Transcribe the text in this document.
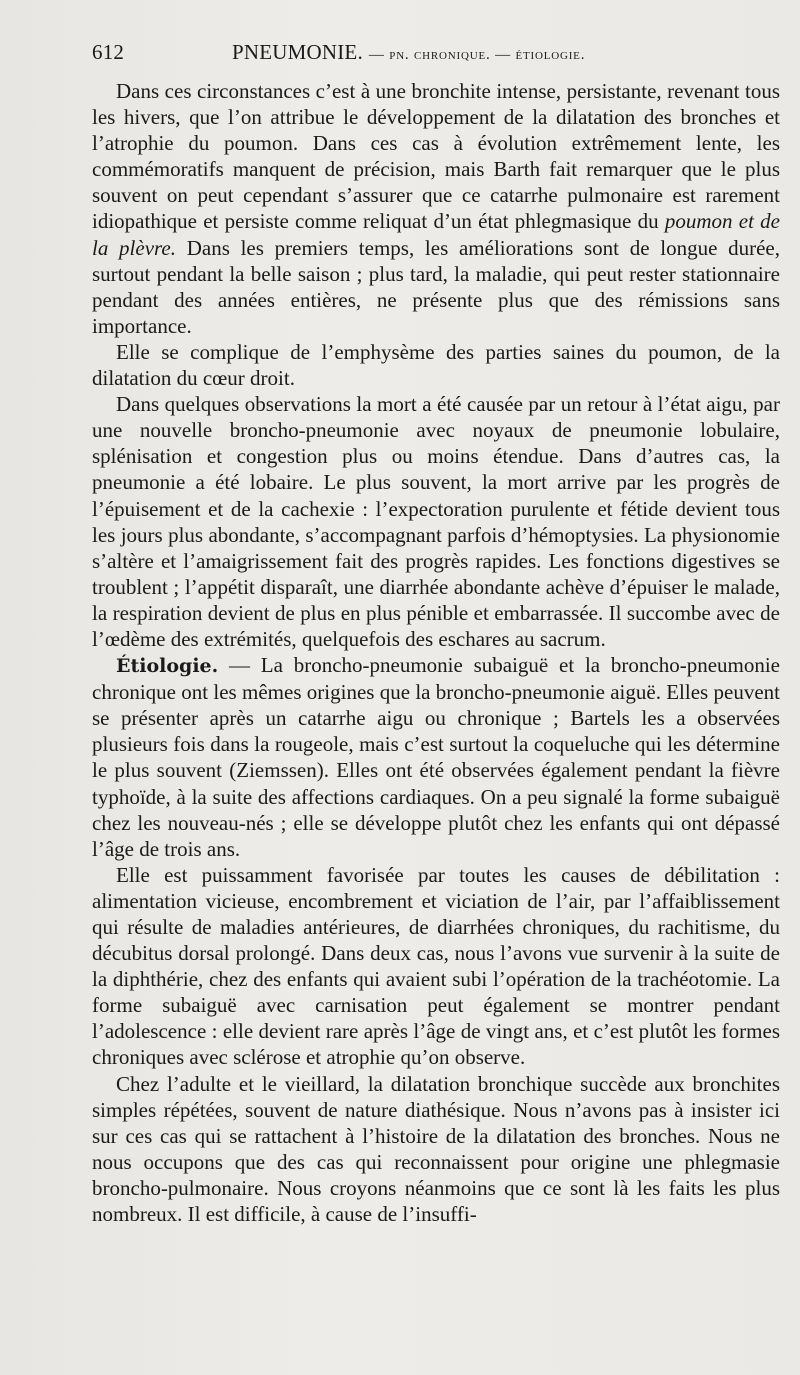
612	PNEUMONIE. — pn. chronique. — étiologie.

Dans ces circonstances c’est à une bronchite intense, persistante, revenant tous les hivers, que l’on attribue le développement de la dilatation des bronches et l’atrophie du poumon. Dans ces cas à évolution extrêmement lente, les commémoratifs manquent de précision, mais Barth fait remarquer que le plus souvent on peut cependant s’assurer que ce catarrhe pulmonaire est rarement idiopathique et persiste comme reliquat d’un état phlegmasique du poumon et de la plèvre. Dans les premiers temps, les améliorations sont de longue durée, surtout pendant la belle saison ; plus tard, la maladie, qui peut rester stationnaire pendant des années entières, ne présente plus que des rémissions sans importance.

Elle se complique de l’emphysème des parties saines du poumon, de la dilatation du cœur droit.

Dans quelques observations la mort a été causée par un retour à l’état aigu, par une nouvelle broncho-pneumonie avec noyaux de pneumonie lobulaire, splénisation et congestion plus ou moins étendue. Dans d’autres cas, la pneumonie a été lobaire. Le plus souvent, la mort arrive par les progrès de l’épuisement et de la cachexie : l’expectoration purulente et fétide devient tous les jours plus abondante, s’accompagnant parfois d’hémoptysies. La physionomie s’altère et l’amaigrissement fait des progrès rapides. Les fonctions digestives se troublent ; l’appétit disparaît, une diarrhée abondante achève d’épuiser le malade, la respiration devient de plus en plus pénible et embarrassée. Il succombe avec de l’œdème des extrémités, quelquefois des eschares au sacrum.

Étiologie. — La broncho-pneumonie subaiguë et la broncho-pneumonie chronique ont les mêmes origines que la broncho-pneumonie aiguë. Elles peuvent se présenter après un catarrhe aigu ou chronique ; Bartels les a observées plusieurs fois dans la rougeole, mais c’est surtout la coqueluche qui les détermine le plus souvent (Ziemssen). Elles ont été observées également pendant la fièvre typhoïde, à la suite des affections cardiaques. On a peu signalé la forme subaiguë chez les nouveau-nés ; elle se développe plutôt chez les enfants qui ont dépassé l’âge de trois ans.

Elle est puissamment favorisée par toutes les causes de débilitation : alimentation vicieuse, encombrement et viciation de l’air, par l’affaiblissement qui résulte de maladies antérieures, de diarrhées chroniques, du rachitisme, du décubitus dorsal prolongé. Dans deux cas, nous l’avons vue survenir à la suite de la diphthérie, chez des enfants qui avaient subi l’opération de la trachéotomie. La forme subaiguë avec carnisation peut également se montrer pendant l’adolescence : elle devient rare après l’âge de vingt ans, et c’est plutôt les formes chroniques avec sclérose et atrophie qu’on observe.

Chez l’adulte et le vieillard, la dilatation bronchique succède aux bronchites simples répétées, souvent de nature diathésique. Nous n’avons pas à insister ici sur ces cas qui se rattachent à l’histoire de la dilatation des bronches. Nous ne nous occupons que des cas qui reconnaissent pour origine une phlegmasie broncho-pulmonaire. Nous croyons néanmoins que ce sont là les faits les plus nombreux. Il est difficile, à cause de l’insuffi-
